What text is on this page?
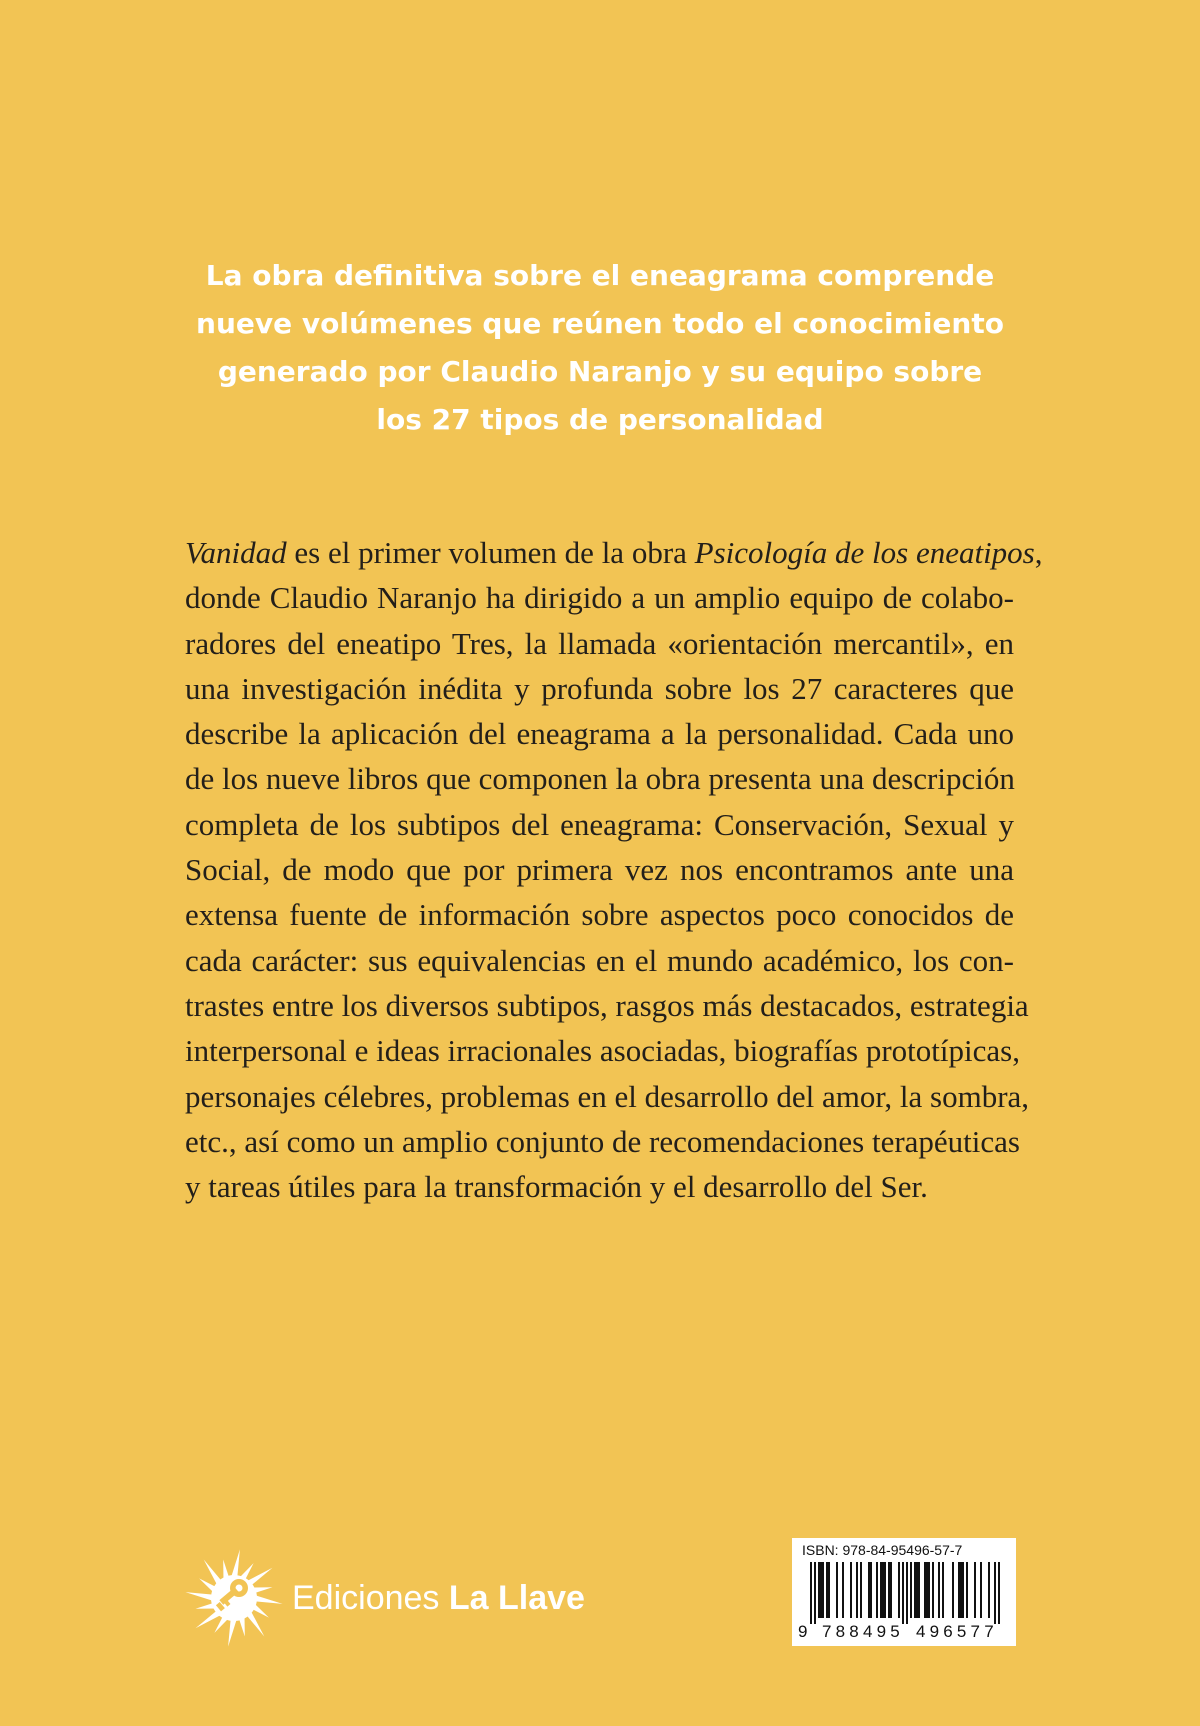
La obra definitiva sobre el eneagrama comprende
nueve volúmenes que reúnen todo el conocimiento
generado por Claudio Naranjo y su equipo sobre
los 27 tipos de personalidad
Vanidad es el primer volumen de la obra Psicología de los eneatipos,
donde Claudio Naranjo ha dirigido a un amplio equipo de colabo-
radores del eneatipo Tres, la llamada «orientación mercantil», en
una investigación inédita y profunda sobre los 27 caracteres que
describe la aplicación del eneagrama a la personalidad. Cada uno
de los nueve libros que componen la obra presenta una descripción
completa de los subtipos del eneagrama: Conservación, Sexual y
Social, de modo que por primera vez nos encontramos ante una
extensa fuente de información sobre aspectos poco conocidos de
cada carácter: sus equivalencias en el mundo académico, los con-
trastes entre los diversos subtipos, rasgos más destacados, estrategia
interpersonal e ideas irracionales asociadas, biografías prototípicas,
personajes célebres, problemas en el desarrollo del amor, la sombra,
etc., así como un amplio conjunto de recomendaciones terapéuticas
y tareas útiles para la transformación y el desarrollo del Ser.
Ediciones La Llave
ISBN: 978-84-95496-57-7
9 788495 496577
